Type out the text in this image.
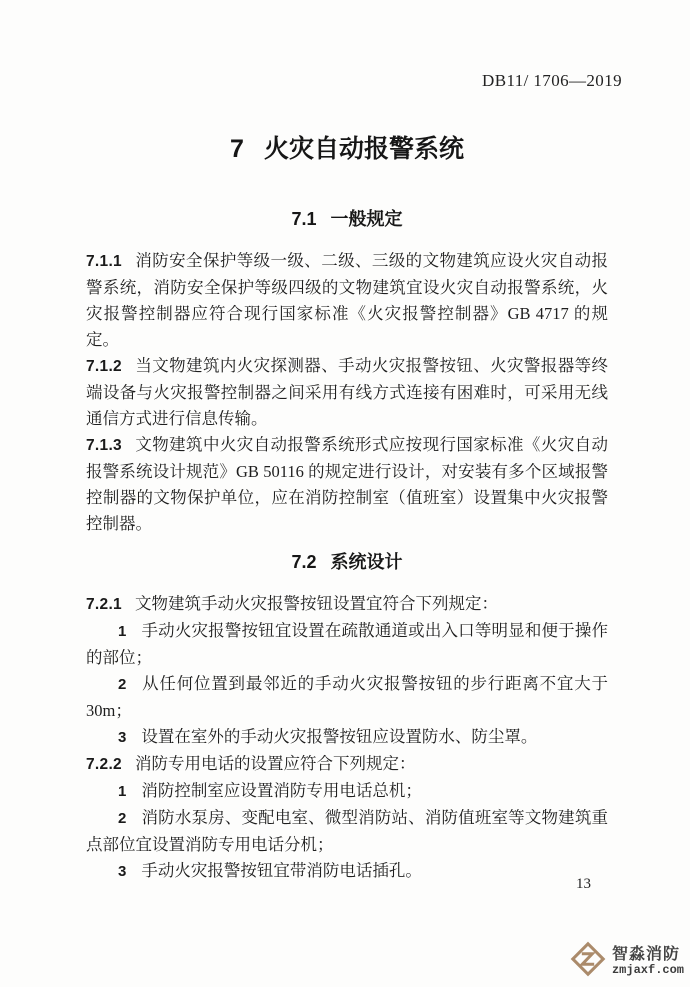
DB11/ 1706—2019
7 火灾自动报警系统
7.1 一般规定

7.1.1 消防安全保护等级一级、二级、三级的文物建筑应设火灾自动报警系统，消防安全保护等级四级的文物建筑宜设火灾自动报警系统，火灾报警控制器应符合现行国家标准《火灾报警控制器》GB 4717 的规定。

7.1.2 当文物建筑内火灾探测器、手动火灾报警按钮、火灾警报器等终端设备与火灾报警控制器之间采用有线方式连接有困难时，可采用无线通信方式进行信息传输。

7.1.3 文物建筑中火灾自动报警系统形式应按现行国家标准《火灾自动报警系统设计规范》GB 50116 的规定进行设计，对安装有多个区域报警控制器的文物保护单位，应在消防控制室（值班室）设置集中火灾报警控制器。

7.2 系统设计

7.2.1 文物建筑手动火灾报警按钮设置宜符合下列规定：

1 手动火灾报警按钮宜设置在疏散通道或出入口等明显和便于操作的部位；

2 从任何位置到最邻近的手动火灾报警按钮的步行距离不宜大于30m；

3 设置在室外的手动火灾报警按钮应设置防水、防尘罩。

7.2.2 消防专用电话的设置应符合下列规定：

1 消防控制室应设置消防专用电话总机；

2 消防水泵房、变配电室、微型消防站、消防值班室等文物建筑重点部位宜设置消防专用电话分机；

3 手动火灾报警按钮宜带消防电话插孔。

13
智淼消防
zmjaxf.com
